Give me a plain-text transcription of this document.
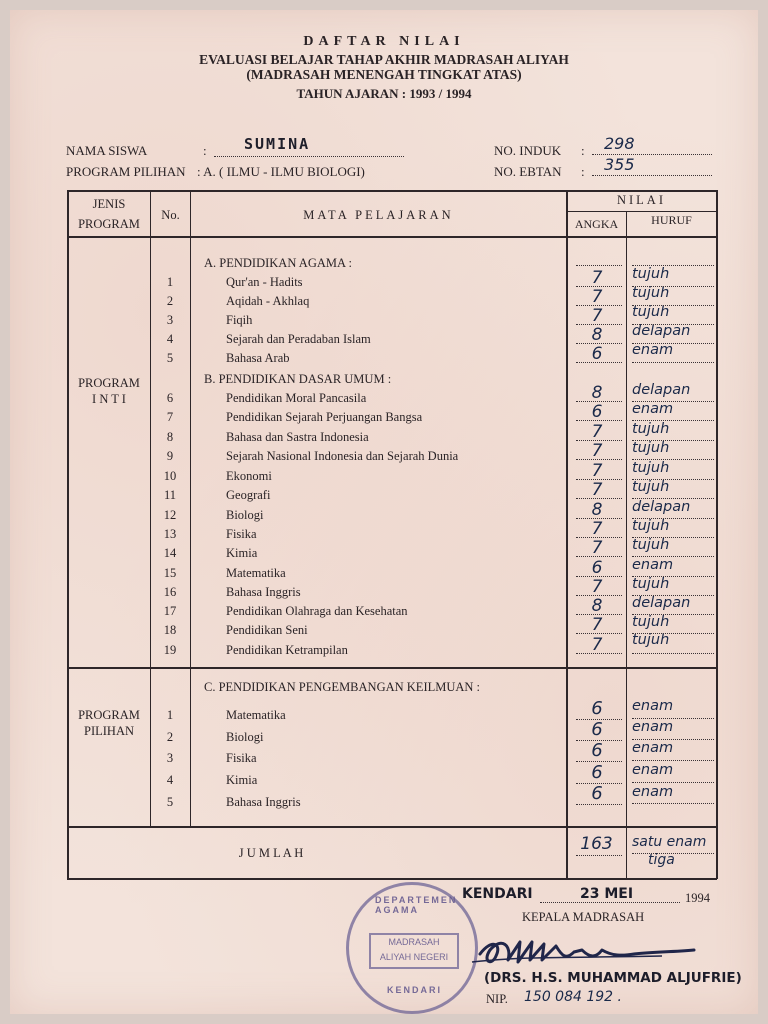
DAFTAR NILAI
EVALUASI BELAJAR TAHAP AKHIR MADRASAH ALIYAH
(MADRASAH MENENGAH TINGKAT ATAS)
TAHUN AJARAN : 1993 / 1994
NAMA SISWA	: SUMINA
PROGRAM PILIHAN : A. ( ILMU - ILMU BIOLOGI)
NO. INDUK : 298
NO. EBTAN : 355
JENIS
PROGRAM
No.	MATA PELAJARAN
NILAI
ANGKA	HURUF
PROGRAM
I N T I
PROGRAM
PILIHAN
A. PENDIDIKAN AGAMA :
B. PENDIDIKAN DASAR UMUM :
C. PENDIDIKAN PENGEMBANGAN KEILMUAN :
1	Qur'an - Hadits	7	tujuh
2	Aqidah - Akhlaq	7	tujuh
3	Fiqih	7	tujuh
4	Sejarah dan Peradaban Islam	8	delapan
5	Bahasa Arab	6	enam
6	Pendidikan Moral Pancasila	8	delapan
7	Pendidikan Sejarah Perjuangan Bangsa	6	enam
8	Bahasa dan Sastra Indonesia	7	tujuh
9	Sejarah Nasional Indonesia dan Sejarah Dunia	7	tujuh
10	Ekonomi	7	tujuh
11	Geografi	7	tujuh
12	Biologi	8	delapan
13	Fisika	7	tujuh
14	Kimia	7	tujuh
15	Matematika	6	enam
16	Bahasa Inggris	7	tujuh
17	Pendidikan Olahraga dan Kesehatan	8	delapan
18	Pendidikan Seni	7	tujuh
19	Pendidikan Ketrampilan	7	tujuh
1	Matematika	6	enam
2	Biologi	6	enam
3	Fisika	6	enam
4	Kimia	6	enam
5	Bahasa Inggris	6	enam
J U M L A H	163	satu enam
tiga
DEPARTEMEN AGAMA
MADRASAH
ALIYAH NEGERI
KENDARI
KENDARI	23 MEI	1994
KEPALA MADRASAH
(DRS. H.S. MUHAMMAD ALJUFRIE)
NIP. 150 084 192 .
